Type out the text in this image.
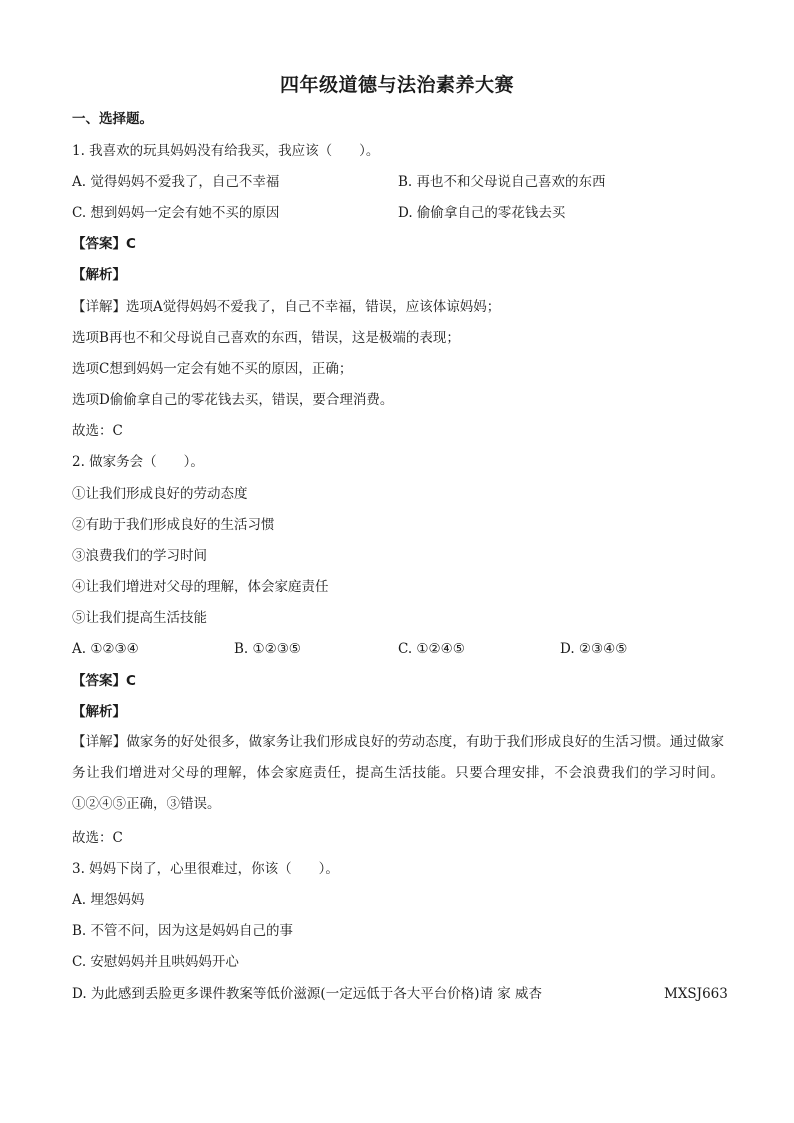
四年级道德与法治素养大赛
一、选择题。
1. 我喜欢的玩具妈妈没有给我买，我应该（　　）。
A. 觉得妈妈不爱我了，自己不幸福	B. 再也不和父母说自己喜欢的东西
C. 想到妈妈一定会有她不买的原因	D. 偷偷拿自己的零花钱去买
【答案】C
【解析】
【详解】选项A觉得妈妈不爱我了，自己不幸福，错误，应该体谅妈妈；
选项B再也不和父母说自己喜欢的东西，错误，这是极端的表现；
选项C想到妈妈一定会有她不买的原因，正确；
选项D偷偷拿自己的零花钱去买，错误，要合理消费。
故选：C
2. 做家务会（　　）。
①让我们形成良好的劳动态度
②有助于我们形成良好的生活习惯
③浪费我们的学习时间
④让我们增进对父母的理解，体会家庭责任
⑤让我们提高生活技能
A. ①②③④	B. ①②③⑤	C. ①②④⑤	D. ②③④⑤
【答案】C
【解析】
【详解】做家务的好处很多，做家务让我们形成良好的劳动态度，有助于我们形成良好的生活习惯。通过做家务让我们增进对父母的理解，体会家庭责任，提高生活技能。只要合理安排，不会浪费我们的学习时间。①②④⑤正确，③错误。
故选：C
3. 妈妈下岗了，心里很难过，你该（　　）。
A. 埋怨妈妈
B. 不管不问，因为这是妈妈自己的事
C. 安慰妈妈并且哄妈妈开心
D. 为此感到丢脸更多课件教案等低价滋源(一定远低于各大平台价格)请 家 威杏	MXSJ663
